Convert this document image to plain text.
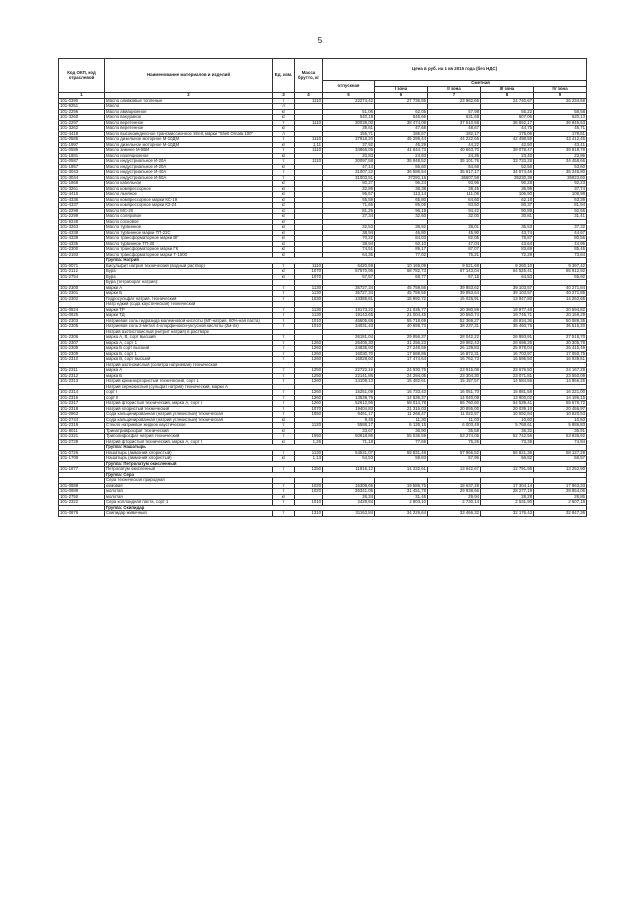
5
Код ОКП, код отраслевой	Наименование материалов и изделий	Ед. изм.	Масса брутто, кг	Цена в руб. на 1 кв 2015 года (без НДС)				
				отпускная	Сметная			
					I зона	II зона	III зона	IV зона
1	2	3	4	5	6	7	8	9
101-0390	Масло оливковые топленые	т	1110	22274,42	27 736,86	23 962,65	24 740,67	26 234,68
101-9251	Масло	л						
101-2296	Масло авиационное	кг		51,06	62,05	57,98	55,22	58,58
101-3260	Масло вакуумное	кг		540,19	646,66	631,68	607,06	620,13
101-2297	Масло веретенное	т	1110	30038,00	38 474,09	37 510,58	36 652,17	36 845,53
101-3262	Масло веретенное	кг		39,61	47,68	48,67	44,75	45,71
101-4418	Масло высокоиндексное трансмиссионное Shell, марки "Shell Omala 100"	л		155,71	186,57	182,17	175,06	178,81
101-0585	Масло дизельное моторное М-10ДМ	т	1110	37918,20	45 289,44	44 222,65	42 498,59	43 412,45
101-1997	Масло дизельное моторное М-10ДМ	кг	1,11	37,92	45,29	44,22	42,50	43,41
101-0586	Масло зимнее М-8ВИ	т	1110	34866,05	41 644,73	40 663,70	39 078,47	39 918,78
101-1881	Масло изоляционное	кг		20,83	24,93	24,36	23,40	23,86
101-0587	Масло индустриальное И-20А	т	1110	30097,58	35 948,52	35 101,76	33 733,28	34 458,66
101-1857	Масло индустриальное И-20А	кг		47,14	56,60	54,66	52,56	53,60
101-3043	Масло индустриальное И-40А	т		31007,22	36 586,54	35 617,17	34 574,46	35 245,80
101-3044	Масло индустриальное И-50А	т		31003,51	37292,16	36607,58	35230,39	35923,60
101-1868	Масло кабельное	кг		80,27	96,24	93,96	90,28	92,23
101-3261	Масло компрессорное	кг		32,86	38,38	38,45	36,99	37,74
101-4415	Масло льняное	кг		95,57	113,14	111,06	106,90	108,98
101-4336	Масло компрессорное марки КС-19	кг		55,59	65,80	64,60	62,18	63,39
101-4337	Масло компрессорное марки К2-24	кг		71,65	85,06	83,50	80,37	81,94
101-2298	Масло МС-20	кг		81,25	96,19	94,42	90,89	92,65
101-2299	Масло соляровое	кг		27,34	32,60	32,00	30,81	31,41
101-9248	Масло сосновое	кг						
101-3263	Масло турбинное	кг		32,53	38,92	38,01	36,53	37,32
101-4338	Масло турбинное марки ТП-22С	кг		38,94	46,80	45,90	43,74	44,67
101-4339	Масло трансформаторное марки ВГ	кг		70,22	84,03	82,05	78,87	80,56
101-4335	Масло турбинное ТП-30	кг		38,94	50,10	47,04	43,64	44,96
101-2300	Масло трансформаторное марки ГК	кг		74,51	89,17	87,07	83,69	85,45
101-2193	Масло трансформаторное марки Т-1500	кг		64,35	77,02	75,21	72,29	73,84
	Группа: Натрий							
101-0071	Бисульфит натрия технический (водный раствор)	т	1110	6420,59	10 165,09	9 521,68	9 260,10	9 397,42
101-2112	Бура	кг	1070	57570,95	68 782,73	67 143,04	64 525,41	65 912,92
101-2754	Бура	кг	1070	57,57	68,77	67,15	64,53	65,92
	Бура (тетраборат натрия):							
101-2300	марки А	т	1130	35727,34	45 759,56	39 853,62	39 103,57	40 271,84
101-2301	марки Б	т	1130	35727,34	45 759,56	39 853,64	39 103,57	40 271,85
101-2302	Гидросульфат натрия, технический	т	1030	13385,81	15 992,72	15 026,91	13 947,80	14 262,65
	Натр едкий (сода каустическая) технический							
101-0824	марки ТР	т	1130	19173,22	21 035,77	20 380,59	19 977,48	20 594,82
101-0825	марки ТД	т	1130	19143,65	21 004,45	20 550,74	19 745,71	20 159,29
101-2303	Натриевая соль гидразида малеиновой кислоты (МГ-натрия, 60%-ная паста)	т	1010	46605,68	55 718,69	52 369,27	48 934,36	50 089,35
101-2305	Натриевая соль 2-метил 4-хлорфенокси-уксусной кислоты (2м-4х)	т	1010	34031,43	40 659,73	38 237,31	35 460,75	36 515,20
	Натрий азотистокислый (нитрит натрия) в растворе							
101-2306	марка А, В, сорт высший	т		26181,04	29 956,37	28 042,22	26 993,91	27 518,70
101-2307	марка А, сорт 1	т	1260	26406,30	31 256,23	29 982,43	29 698,25	30 305,78
101-2308	марка Б сорт высший	т	1260	24835,93	27 249,59	26 139,83	25 978,04	26 415,49
101-2309	марка Б, сорт 1	т	1260	16030,70	17 588,86	16 872,31	16 703,97	17 050,75
101-2310	марка В, сорт высший	т	1260	15928,60	17 474,64	16 762,73	16 595,50	16 939,51
	Натрий азотнокислый (селитра натриевая) техническая							
101-2311	марка А	т	1250	22722,16	24 930,75	23 915,08	23 676,50	24 167,29
101-2312	марка Б	т	1250	22141,86	24 294,05	23 304,30	23 071,81	23 550,09
101-2313	Натрий кремнефтористый технический, сорт 1	т	1260	14108,13	15 482,61	15 157,57	14 584,56	14 866,26
	Натрий сернокислый (сульфат натрия) технический, марки А							
101-2314	сорт I	т	1260	15251,09	16 733,43	16 051,70	15 881,58	16 221,00
101-2316	сорт II	т	1260	13539,75	14 636,37	14 040,08	13 900,02	14 186,15
101-2317	Натрий фтористый технический, марка А, сорт I	т	1260	52612,96	58 014,78	56 760,60	54 539,41	55 676,72
101-2318	Натрий хлористый технический	т	1070	19404,83	21 316,03	20 855,00	20 039,10	20 456,97
101-0963	Сода кальцинированная (натрий углекислый) техническая	т	1050	9461,17	11 268,47	11 022,57	10 592,84	10 820,53
101-2744	Сода кальцинированная (натрий углекислый) техническая	кг		9,46	11,30	11,03	10,60	10,83
101-2319	Стекло натриевое жидкое каустическое	т	1120	5588,17	6 135,15	6 003,49	5 768,61	5 886,83
101-8011	Тринатрийфосфат технический	кг		33,67	36,90	35,58	35,32	35,91
101-2321	Триполифосфат натрия технический	т	1550	50618,86	55 536,59	53 274,05	52 742,56	53 835,92
101-2729	Натрий фтористый технический, марка А, сорт I	кг	1,26	71,18	77,68	76,26	73,39	74,84
	Группа: Нашатырь							
101-0726	Нашатырь (аммоний хлористый)	т	1130	54531,07	59 831,48	57 966,52	56 821,36	58 127,28
101-1708	Нашатырь (аммоний хлористый)	кг	1,13	54,53	59,83	57,96	56,82	58,57
	Группа: Петролатум окисленный							
101-1877	Петролатум окисленный	т	1250	11916,12	14 232,61	13 642,67	12 791,95	13 252,90
	Группа: Сера							
	Сера техническая природная							
101-0888	комовая	т	1020	16308,65	19 586,76	18 637,28	17 304,14	17 963,33
101-0889	молотая	т	1020	26341,05	31 451,78	29 938,66	28 277,19	28 854,06
101-2750	молотая	кг		26,34	31,45	29,94	28,28	28,86
101-2322	Сера коллоидная паста, сорт 1	т	1010	2429,84	2 903,10	2 730,14	2 531,90	2 607,19
	Группа: Скипидар							
101-0876	Скипидар живичный	т	1310	31163,84	34 226,64	33 466,32	32 176,43	32 847,36
